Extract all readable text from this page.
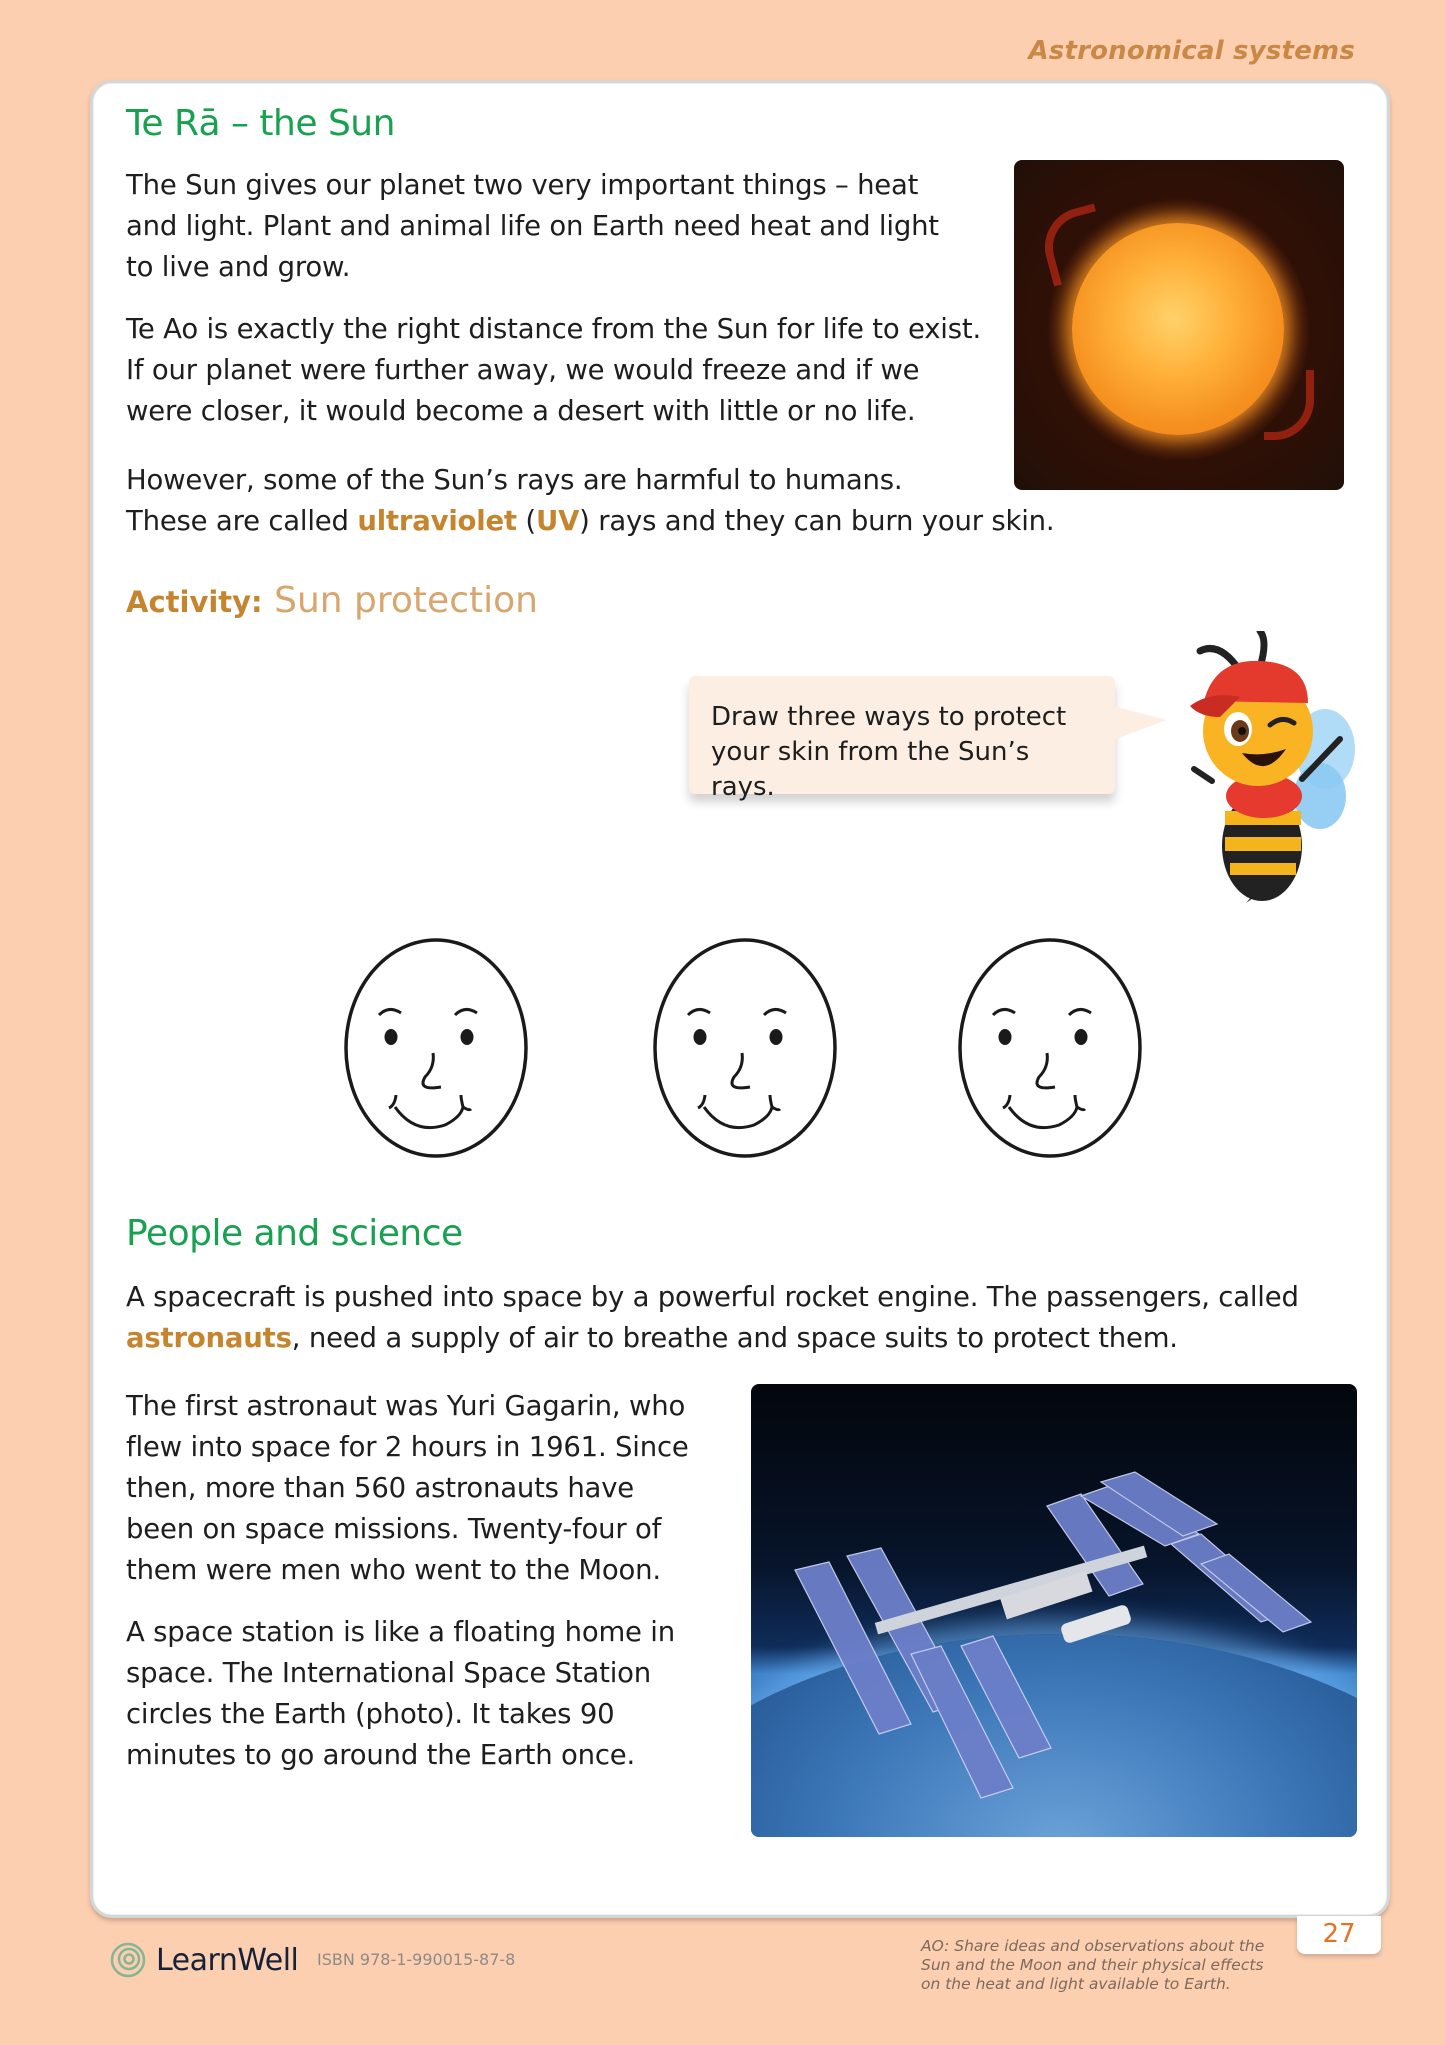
Astronomical systems
Te Rā – the Sun

The Sun gives our planet two very important things – heat and light. Plant and animal life on Earth need heat and light to live and grow.

Te Ao is exactly the right distance from the Sun for life to exist. If our planet were further away, we would freeze and if we were closer, it would become a desert with little or no life.

However, some of the Sun’s rays are harmful to humans.
These are called ultraviolet (UV) rays and they can burn your skin.
Activity: Sun protection
Draw three ways to protect your skin from the Sun’s rays.
People and science
A spacecraft is pushed into space by a powerful rocket engine. The passengers, called astronauts, need a supply of air to breathe and space suits to protect them.

The first astronaut was Yuri Gagarin, who flew into space for 2 hours in 1961. Since then, more than 560 astronauts have been on space missions. Twenty-four of them were men who went to the Moon.

A space station is like a floating home in space. The International Space Station circles the Earth (photo). It takes 90 minutes to go around the Earth once.

27
LearnWell ISBN 978-1-990015-87-8
AO: Share ideas and observations about the Sun and the Moon and their physical effects on the heat and light available to Earth.
